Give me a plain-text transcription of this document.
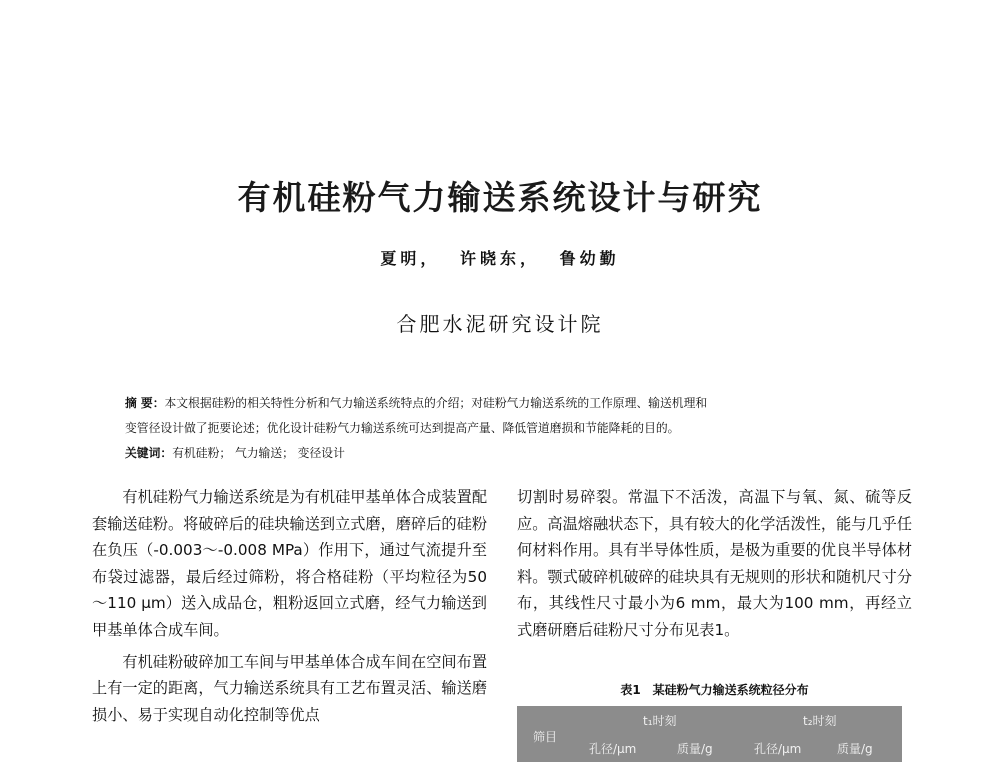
有机硅粉气力输送系统设计与研究
夏明， 许晓东， 鲁幼勤
合肥水泥研究设计院
摘 要：本文根据硅粉的相关特性分析和气力输送系统特点的介绍；对硅粉气力输送系统的工作原理、输送机理和
变管径设计做了扼要论述；优化设计硅粉气力输送系统可达到提高产量、降低管道磨损和节能降耗的目的。
关键词：有机硅粉； 气力输送； 变径设计

有机硅粉气力输送系统是为有机硅甲基单体合成装置配套输送硅粉。将破碎后的硅块输送到立式磨，磨碎后的硅粉在负压（-0.003～-0.008 MPa）作用下，通过气流提升至布袋过滤器，最后经过筛粉，将合格硅粉（平均粒径为50～110 μm）送入成品仓，粗粉返回立式磨，经气力输送到甲基单体合成车间。

有机硅粉破碎加工车间与甲基单体合成车间在空间布置上有一定的距离，气力输送系统具有工艺布置灵活、输送磨损小、易于实现自动化控制等优点

切割时易碎裂。常温下不活泼，高温下与氧、氮、硫等反应。高温熔融状态下，具有较大的化学活泼性，能与几乎任何材料作用。具有半导体性质，是极为重要的优良半导体材料。颚式破碎机破碎的硅块具有无规则的形状和随机尺寸分布，其线性尺寸最小为6 mm，最大为100 mm，再经立式磨研磨后硅粉尺寸分布见表1。

表1　某硅粉气力输送系统粒径分布
筛目
t₁时刻	t₂时刻
孔径/μm	质量/g	孔径/μm	质量/g
